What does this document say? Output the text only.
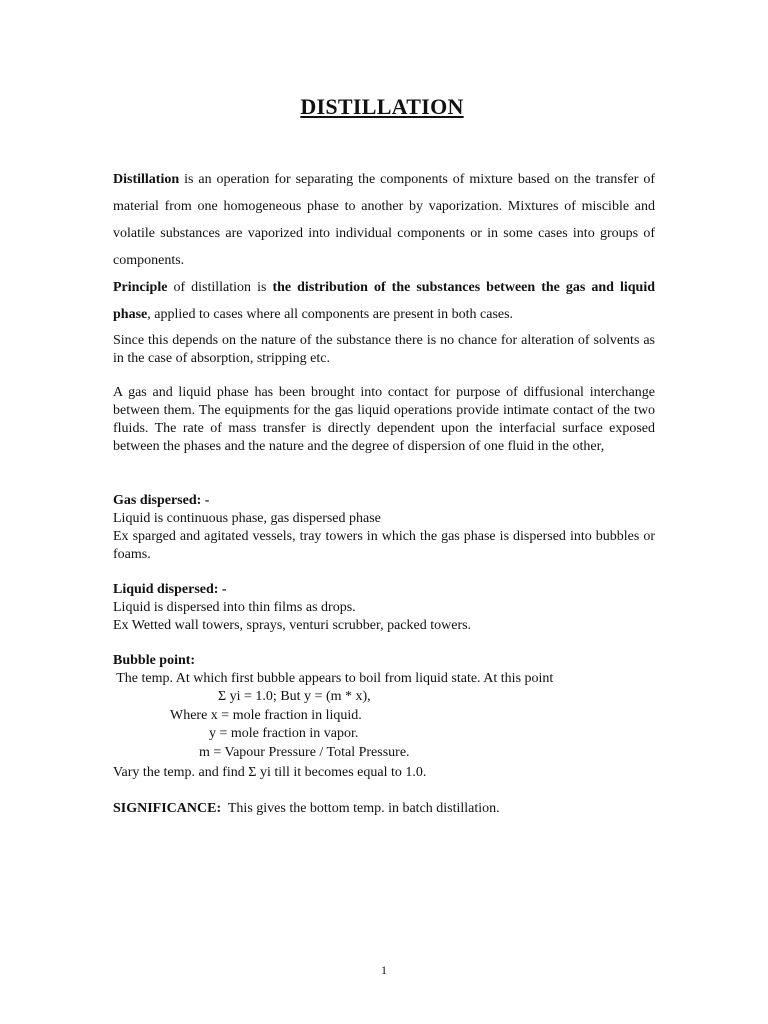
DISTILLATION
Distillation is an operation for separating the components of mixture based on the transfer of material from one homogeneous phase to another by vaporization. Mixtures of miscible and volatile substances are vaporized into individual components or in some cases into groups of components.
Principle of distillation is the distribution of the substances between the gas and liquid phase, applied to cases where all components are present in both cases.
Since this depends on the nature of the substance there is no chance for alteration of solvents as in the case of absorption, stripping etc.
A gas and liquid phase has been brought into contact for purpose of diffusional interchange between them. The equipments for the gas liquid operations provide intimate contact of the two fluids. The rate of mass transfer is directly dependent upon the interfacial surface exposed between the phases and the nature and the degree of dispersion of one fluid in the other,
Gas dispersed: -
Liquid is continuous phase, gas dispersed phase
Ex sparged and agitated vessels, tray towers in which the gas phase is dispersed into bubbles or foams.
Liquid dispersed: -
Liquid is dispersed into thin films as drops.
Ex Wetted wall towers, sprays, venturi scrubber, packed towers.
Bubble point:
The temp. At which first bubble appears to boil from liquid state. At this point
Σ yi = 1.0; But y = (m * x),
Where x = mole fraction in liquid.
y = mole fraction in vapor.
m = Vapour Pressure / Total Pressure.
Vary the temp. and find Σ yi till it becomes equal to 1.0.
SIGNIFICANCE:  This gives the bottom temp. in batch distillation.
1
